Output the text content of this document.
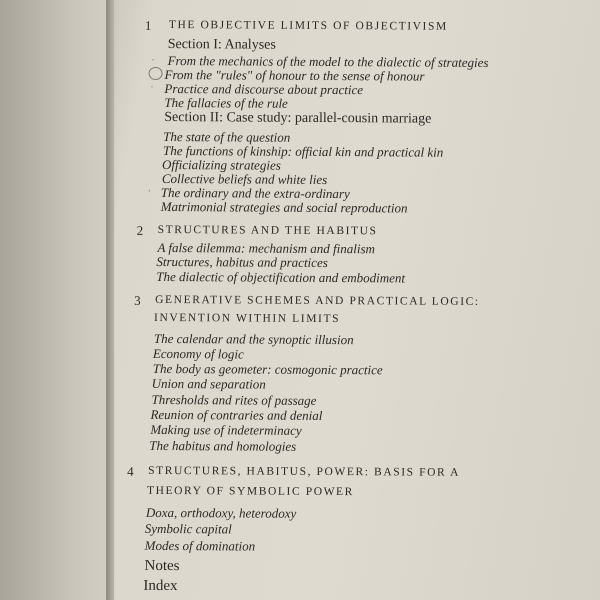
1 THE OBJECTIVE LIMITS OF OBJECTIVISM
Section I: Analyses
· From the mechanics of the model to the dialectic of strategies
From the "rules" of honour to the sense of honour
· Practice and discourse about practice
The fallacies of the rule
Section II: Case study: parallel-cousin marriage
The state of the question
The functions of kinship: official kin and practical kin
Officializing strategies
Collective beliefs and white lies
· The ordinary and the extra-ordinary
Matrimonial strategies and social reproduction
2 STRUCTURES AND THE HABITUS
A false dilemma: mechanism and finalism
Structures, habitus and practices
The dialectic of objectification and embodiment
3 GENERATIVE SCHEMES AND PRACTICAL LOGIC:
INVENTION WITHIN LIMITS
The calendar and the synoptic illusion
Economy of logic
The body as geometer: cosmogonic practice
Union and separation
Thresholds and rites of passage
Reunion of contraries and denial
Making use of indeterminacy
The habitus and homologies
4 STRUCTURES, HABITUS, POWER: BASIS FOR A
THEORY OF SYMBOLIC POWER
Doxa, orthodoxy, heterodoxy
Symbolic capital
Modes of domination
Notes
Index
